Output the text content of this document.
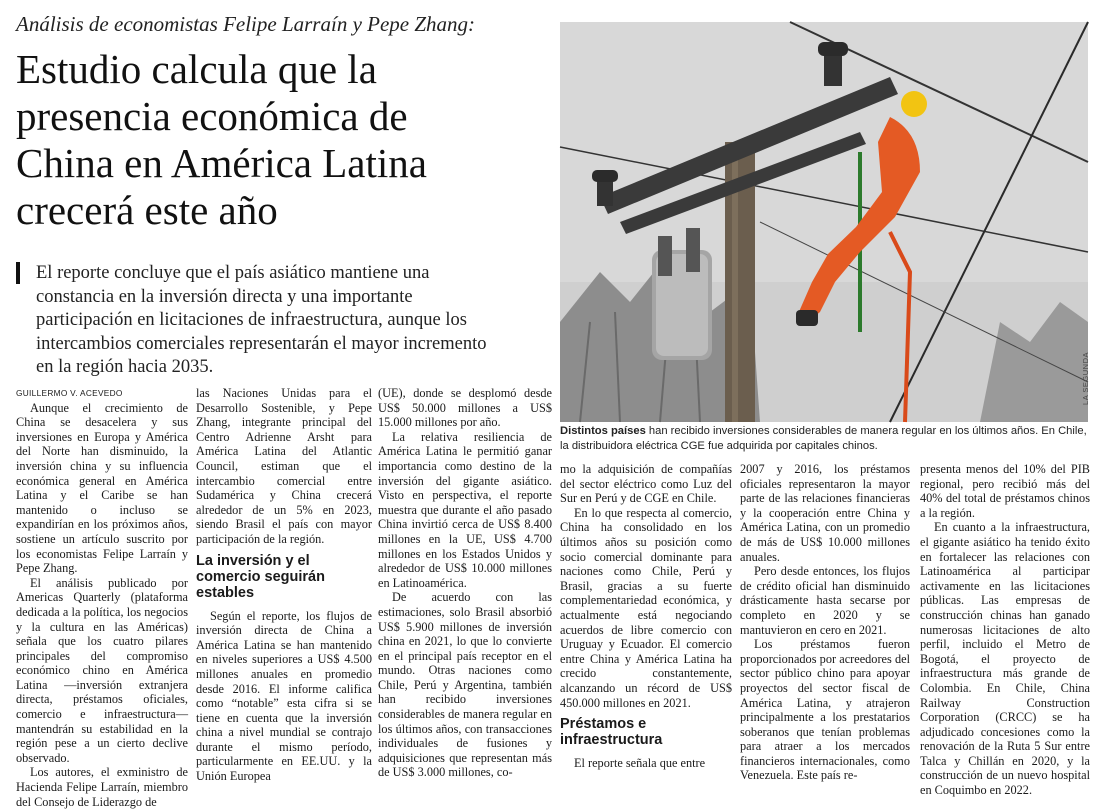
Análisis de economistas Felipe Larraín y Pepe Zhang:
Estudio calcula que la
presencia económica de
China en América Latina
crecerá este año
El reporte concluye que el país asiático mantiene una
constancia en la inversión directa y una importante
participación en licitaciones de infraestructura, aunque los
intercambios comerciales representarán el mayor incremento
en la región hacia 2035.	LA SEGUNDA
Distintos países han recibido inversiones considerables de manera regular en los últimos años. En Chile, la distribuidora eléctrica CGE fue adquirida por capitales chinos.

GUILLERMO V. ACEVEDO

Aunque el crecimiento de China se desacelera y sus inversiones en Europa y América del Norte han disminuido, la inversión china y su influencia económica general en América Latina y el Caribe se han mantenido o incluso se expandirían en los próximos años, sostiene un artículo suscrito por los economistas Felipe Larraín y Pepe Zhang.

El análisis publicado por Americas Quarterly (plataforma dedicada a la política, los negocios y la cultura en las Américas) señala que los cuatro pilares principales del compromiso económico chino en América Latina —inversión extranjera directa, préstamos oficiales, comercio e infraestructura— mantendrán su estabilidad en la región pese a un cierto declive observado.

Los autores, el exministro de Hacienda Felipe Larraín, miembro del Consejo de Liderazgo de

las Naciones Unidas para el Desarrollo Sostenible, y Pepe Zhang, integrante principal del Centro Adrienne Arsht para América Latina del Atlantic Council, estiman que el intercambio comercial entre Sudamérica y China crecerá alrededor de un 5% en 2023, siendo Brasil el país con mayor participación de la región.

La inversión y el comercio seguirán estables

Según el reporte, los flujos de inversión directa de China a América Latina se han mantenido en niveles superiores a US$ 4.500 millones anuales en promedio desde 2016. El informe califica como “notable” esta cifra si se tiene en cuenta que la inversión china a nivel mundial se contrajo durante el mismo período, particularmente en EE.UU. y la Unión Europea

(UE), donde se desplomó desde US$ 50.000 millones a US$ 15.000 millones por año.

La relativa resiliencia de América Latina le permitió ganar importancia como destino de la inversión del gigante asiático. Visto en perspectiva, el reporte muestra que durante el año pasado China invirtió cerca de US$ 8.400 millones en la UE, US$ 4.700 millones en los Estados Unidos y alrededor de US$ 10.000 millones en Latinoamérica.

De acuerdo con las estimaciones, solo Brasil absorbió US$ 5.900 millones de inversión china en 2021, lo que lo convierte en el principal país receptor en el mundo. Otras naciones como Chile, Perú y Argentina, también han recibido inversiones considerables de manera regular en los últimos años, con transacciones individuales de fusiones y adquisiciones que representan más de US$ 3.000 millones, co-

mo la adquisición de compañías del sector eléctrico como Luz del Sur en Perú y de CGE en Chile.

En lo que respecta al comercio, China ha consolidado en los últimos años su posición como socio comercial dominante para naciones como Chile, Perú y Brasil, gracias a su fuerte complementariedad económica, y actualmente está negociando acuerdos de libre comercio con Uruguay y Ecuador. El comercio entre China y América Latina ha crecido constantemente, alcanzando un récord de US$ 450.000 millones en 2021.

Préstamos e infraestructura

El reporte señala que entre

2007 y 2016, los préstamos oficiales representaron la mayor parte de las relaciones financieras y la cooperación entre China y América Latina, con un promedio de más de US$ 10.000 millones anuales.

Pero desde entonces, los flujos de crédito oficial han disminuido drásticamente hasta secarse por completo en 2020 y se mantuvieron en cero en 2021.

Los préstamos fueron proporcionados por acreedores del sector público chino para apoyar proyectos del sector fiscal de América Latina, y atrajeron principalmente a los prestatarios soberanos que tenían problemas para atraer a los mercados financieros internacionales, como Venezuela. Este país re-

presenta menos del 10% del PIB regional, pero recibió más del 40% del total de préstamos chinos a la región.

En cuanto a la infraestructura, el gigante asiático ha tenido éxito en fortalecer las relaciones con Latinoamérica al participar activamente en las licitaciones públicas. Las empresas de construcción chinas han ganado numerosas licitaciones de alto perfil, incluido el Metro de Bogotá, el proyecto de infraestructura más grande de Colombia. En Chile, China Railway Construction Corporation (CRCC) se ha adjudicado concesiones como la renovación de la Ruta 5 Sur entre Talca y Chillán en 2020, y la construcción de un nuevo hospital en Coquimbo en 2022.
